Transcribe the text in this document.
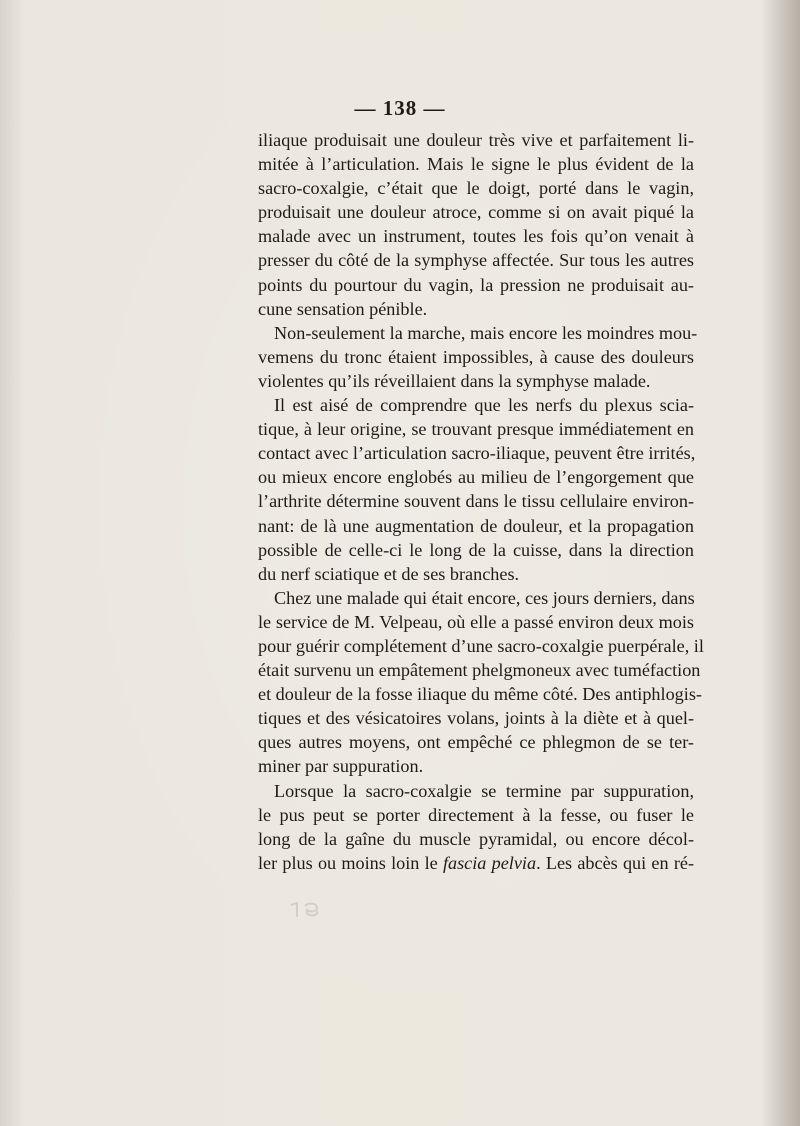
— 138 —
iliaque produisait une douleur très vive et parfaitement li-
mitée à l’articulation. Mais le signe le plus évident de la
sacro-coxalgie, c’était que le doigt, porté dans le vagin,
produisait une douleur atroce, comme si on avait piqué la
malade avec un instrument, toutes les fois qu’on venait à
presser du côté de la symphyse affectée. Sur tous les autres
points du pourtour du vagin, la pression ne produisait au-
cune sensation pénible.
Non-seulement la marche, mais encore les moindres mou-
vemens du tronc étaient impossibles, à cause des douleurs
violentes qu’ils réveillaient dans la symphyse malade.
Il est aisé de comprendre que les nerfs du plexus scia-
tique, à leur origine, se trouvant presque immédiatement en
contact avec l’articulation sacro-iliaque, peuvent être irrités,
ou mieux encore englobés au milieu de l’engorgement que
l’arthrite détermine souvent dans le tissu cellulaire environ-
nant: de là une augmentation de douleur, et la propagation
possible de celle-ci le long de la cuisse, dans la direction
du nerf sciatique et de ses branches.
Chez une malade qui était encore, ces jours derniers, dans
le service de M. Velpeau, où elle a passé environ deux mois
pour guérir complétement d’une sacro-coxalgie puerpérale, il
était survenu un empâtement phelgmoneux avec tuméfaction
et douleur de la fosse iliaque du même côté. Des antiphlogis-
tiques et des vésicatoires volans, joints à la diète et à quel-
ques autres moyens, ont empêché ce phlegmon de se ter-
miner par suppuration.
Lorsque la sacro-coxalgie se termine par suppuration,
le pus peut se porter directement à la fesse, ou fuser le
long de la gaîne du muscle pyramidal, ou encore décol-
ler plus ou moins loin le fascia pelvia. Les abcès qui en ré-
